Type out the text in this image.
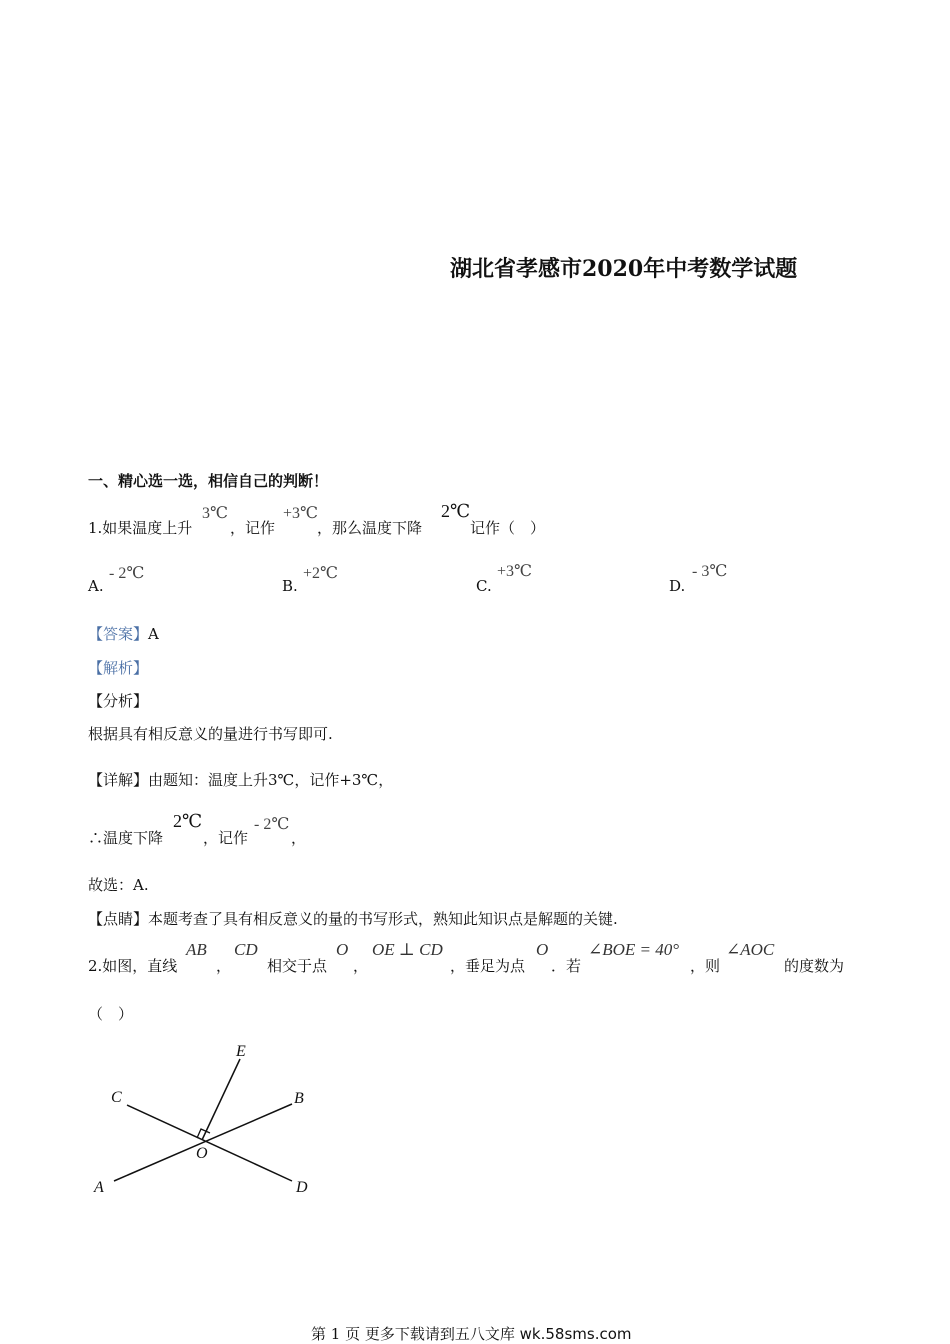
湖北省孝感市2020年中考数学试题
一、精心选一选，相信自己的判断！
1.如果温度上升
3℃
，记作
+3℃
，那么温度下降
2℃
记作（　）
A.
- 2℃
B.
+2℃
C.
+3℃
D.
- 3℃
【答案】A
【解析】
【分析】
根据具有相反意义的量进行书写即可.
【详解】由题知：温度上升3℃，记作+3℃，
∴温度下降
2℃
，记作
- 2℃
，
故选：A.
【点睛】本题考查了具有相反意义的量的书写形式，熟知此知识点是解题的关键.
2.如图，直线
AB
，
CD
相交于点
O
，
OE ⊥ CD
，垂足为点
O
．若
∠BOE = 40°
，则
∠AOC
的度数为
（　）
E
C	B
O
A	D
第 1 页 更多下载请到五八文库 wk.58sms.com
